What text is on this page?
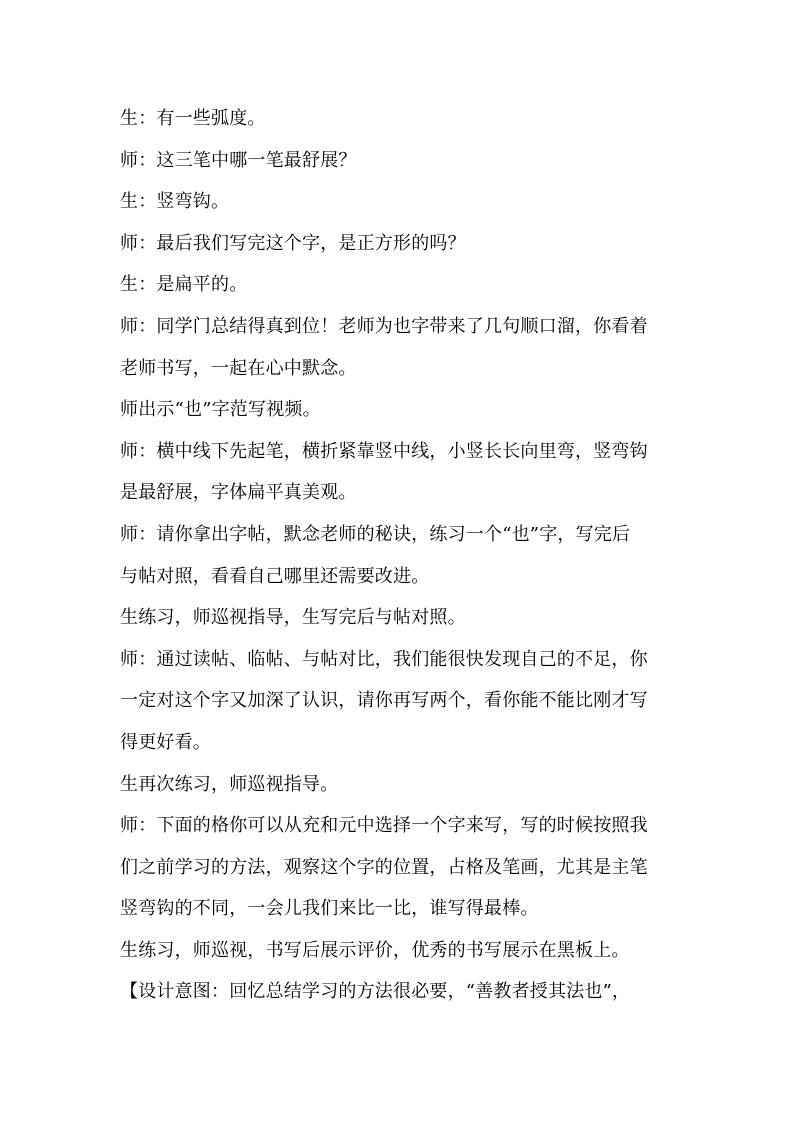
生：有一些弧度。
师：这三笔中哪一笔最舒展？
生：竖弯钩。
师：最后我们写完这个字，是正方形的吗？
生：是扁平的。
师：同学门总结得真到位！老师为也字带来了几句顺口溜，你看着
老师书写，一起在心中默念。
师出示“也”字范写视频。
师：横中线下先起笔，横折紧靠竖中线，小竖长长向里弯，竖弯钩
是最舒展，字体扁平真美观。
师：请你拿出字帖，默念老师的秘诀，练习一个“也”字，写完后
与帖对照，看看自己哪里还需要改进。
生练习，师巡视指导，生写完后与帖对照。
师：通过读帖、临帖、与帖对比，我们能很快发现自己的不足，你
一定对这个字又加深了认识，请你再写两个，看你能不能比刚才写
得更好看。
生再次练习，师巡视指导。
师：下面的格你可以从充和元中选择一个字来写，写的时候按照我
们之前学习的方法，观察这个字的位置，占格及笔画，尤其是主笔
竖弯钩的不同，一会儿我们来比一比，谁写得最棒。
生练习，师巡视，书写后展示评价，优秀的书写展示在黑板上。
【设计意图：回忆总结学习的方法很必要，“善教者授其法也”，
